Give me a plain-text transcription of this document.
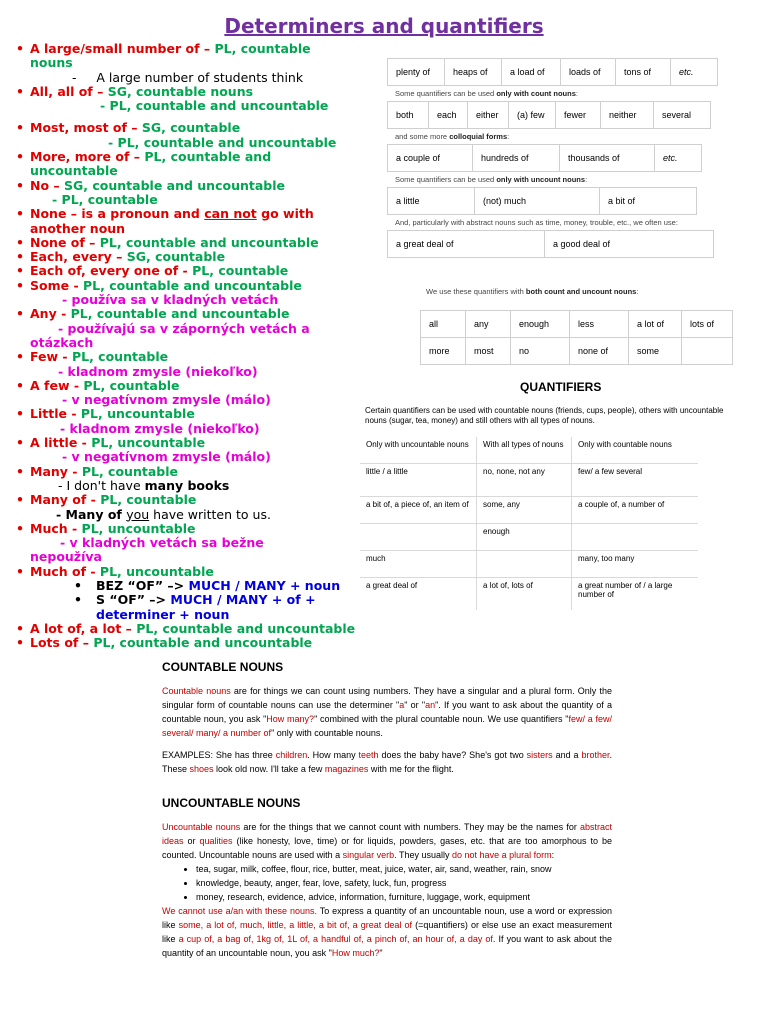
Determiners and quantifiers
• A large/small number of – PL, countable
nouns
-     A large number of students think
• All, all of – SG, countable nouns
- PL, countable and uncountable
• Most, most of – SG, countable
- PL, countable and uncountable
• More, more of – PL, countable and
uncountable
• No – SG, countable and uncountable
- PL, countable
• None – is a pronoun and can not go with
another noun
• None of – PL, countable and uncountable
• Each, every – SG, countable
• Each of, every one of - PL, countable
• Some - PL, countable and uncountable
- používa sa v kladných vetách
• Any - PL, countable and uncountable
- používajú sa v záporných vetách a
otázkach
• Few - PL, countable
- kladnom zmysle (niekoľko)
• A few - PL, countable
- v negatívnom zmysle (málo)
• Little - PL, uncountable
- kladnom zmysle (niekoľko)
• A little - PL, uncountable
- v negatívnom zmysle (málo)
• Many - PL, countable
- I don't have many books
• Many of - PL, countable
- Many of you have written to us.
• Much - PL, uncountable
- v kladných vetách sa bežne
nepoužíva
• Much of - PL, uncountable
• BEZ “OF” –> MUCH / MANY + noun
• S “OF” –> MUCH / MANY + of +
determiner + noun
• A lot of, a lot – PL, countable and uncountable
• Lots of – PL, countable and uncountable
plenty of	heaps of	a load of	loads of	tons of	etc.
Some quantifiers can be used only with count nouns:
both	each	either	(a) few	fewer	neither	several
and some more colloquial forms:
a couple of	hundreds of	thousands of	etc.
Some quantifiers can be used only with uncount nouns:
a little	(not) much	a bit of
And, particularly with abstract nouns such as time, money, trouble, etc., we often use:
a great deal of	a good deal of
We use these quantifiers with both count and uncount nouns:
all	any	enough	less	a lot of	lots of
more	most	no	none of	some	
QUANTIFIERS
Certain quantifiers can be used with countable nouns (friends, cups, people), others with uncountable nouns (sugar, tea, money) and still others with all types of nouns.
Only with uncountable nouns	With all types of nouns	Only with countable nouns
little / a little	no, none, not any	few/ a few several
a bit of, a piece of, an item of	some, any	a couple of, a number of
	enough	
much		many, too many
a great deal of	a lot of, lots of	a great number of / a large number of
COUNTABLE NOUNS

Countable nouns are for things we can count using numbers. They have a singular and a plural form. Only the singular form of countable nouns can use the determiner "a" or "an". If you want to ask about the quantity of a countable noun, you ask "How many?" combined with the plural countable noun. We use quantifiers "few/ a few/ several/ many/ a number of" only with countable nouns.

EXAMPLES: She has three children. How many teeth does the baby have? She's got two sisters and a brother. These shoes look old now. I'll take a few magazines with me for the flight.

UNCOUNTABLE NOUNS

Uncountable nouns are for the things that we cannot count with numbers. They may be the names for abstract ideas or qualities (like honesty, love, time) or for liquids, powders, gases, etc. that are too amorphous to be counted. Uncountable nouns are used with a singular verb. They usually do not have a plural form:

• tea, sugar, milk, coffee, flour, rice, butter, meat, juice, water, air, sand, weather, rain, snow
• knowledge, beauty, anger, fear, love, safety, luck, fun, progress
• money, research, evidence, advice, information, furniture, luggage, work, equipment

We cannot use a/an with these nouns. To express a quantity of an uncountable noun, use a word or expression like some, a lot of, much, little, a little, a bit of, a great deal of (=quantifiers) or else use an exact measurement like a cup of, a bag of, 1kg of, 1L of, a handful of, a pinch of, an hour of, a day of. If you want to ask about the quantity of an uncountable noun, you ask "How much?"
